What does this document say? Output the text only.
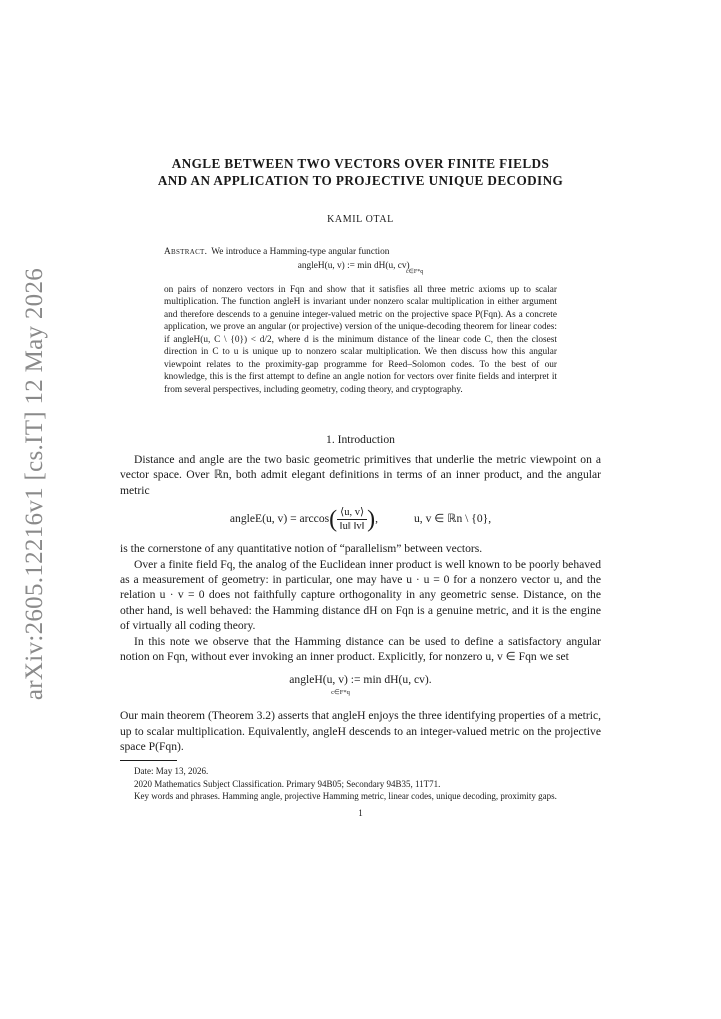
arXiv:2605.12216v1 [cs.IT] 12 May 2026
ANGLE BETWEEN TWO VECTORS OVER FINITE FIELDS
AND AN APPLICATION TO PROJECTIVE UNIQUE DECODING
KAMIL OTAL
Abstract. We introduce a Hamming-type angular function
angleH(u, v) := min dH(u, cv) $_{c\in F*q}$
on pairs of nonzero vectors in Fqn and show that it satisfies all three metric axioms up to scalar multiplication. The function angleH is invariant under nonzero scalar multiplication in either argument and therefore descends to a genuine integer-valued metric on the projective space P(Fqn). As a concrete application, we prove an angular (or projective) version of the unique-decoding theorem for linear codes: if angleH(u, C \ {0}) < d/2, where d is the minimum distance of the linear code C, then the closest direction in C to u is unique up to nonzero scalar multiplication. We then discuss how this angular viewpoint relates to the proximity-gap programme for Reed–Solomon codes. To the best of our knowledge, this is the first attempt to define an angle notion for vectors over finite fields and interpret it from several perspectives, including geometry, coding theory, and cryptography.
1. Introduction

Distance and angle are the two basic geometric primitives that underlie the metric viewpoint on a vector space. Over ℝn, both admit elegant definitions in terms of an inner product, and the angular metric

angleE(u, $v) = \arccos( \frac{⟨u, v⟩}{‖u‖ ‖v‖}$ ),	u, v ∈ ℝn \ {0},

is the cornerstone of any quantitative notion of “parallelism” between vectors.

Over a finite field Fq, the analog of the Euclidean inner product is well known to be poorly behaved as a measurement of geometry: in particular, one may have u · u = 0 for a nonzero vector u, and the relation u · v = 0 does not faithfully capture orthogonality in any geometric sense. Distance, on the other hand, is well behaved: the Hamming distance dH on Fqn is a genuine metric, and it is the engine of virtually all coding theory.

In this note we observe that the Hamming distance can be used to define a satisfactory angular notion on Fqn, without ever invoking an inner product. Explicitly, for nonzero u, v ∈ Fqn we set

angleH(u, v) := min dH(u, cv).
c∈F*q

Our main theorem (Theorem 3.2) asserts that angleH enjoys the three identifying properties of a metric, up to scalar multiplication. Equivalently, angleH descends to an integer-valued metric on the projective space P(Fqn).

Date: May 13, 2026.

2020 Mathematics Subject Classification. Primary 94B05; Secondary 94B35, 11T71.

Key words and phrases. Hamming angle, projective Hamming metric, linear codes, unique decoding, proximity gaps.

1
